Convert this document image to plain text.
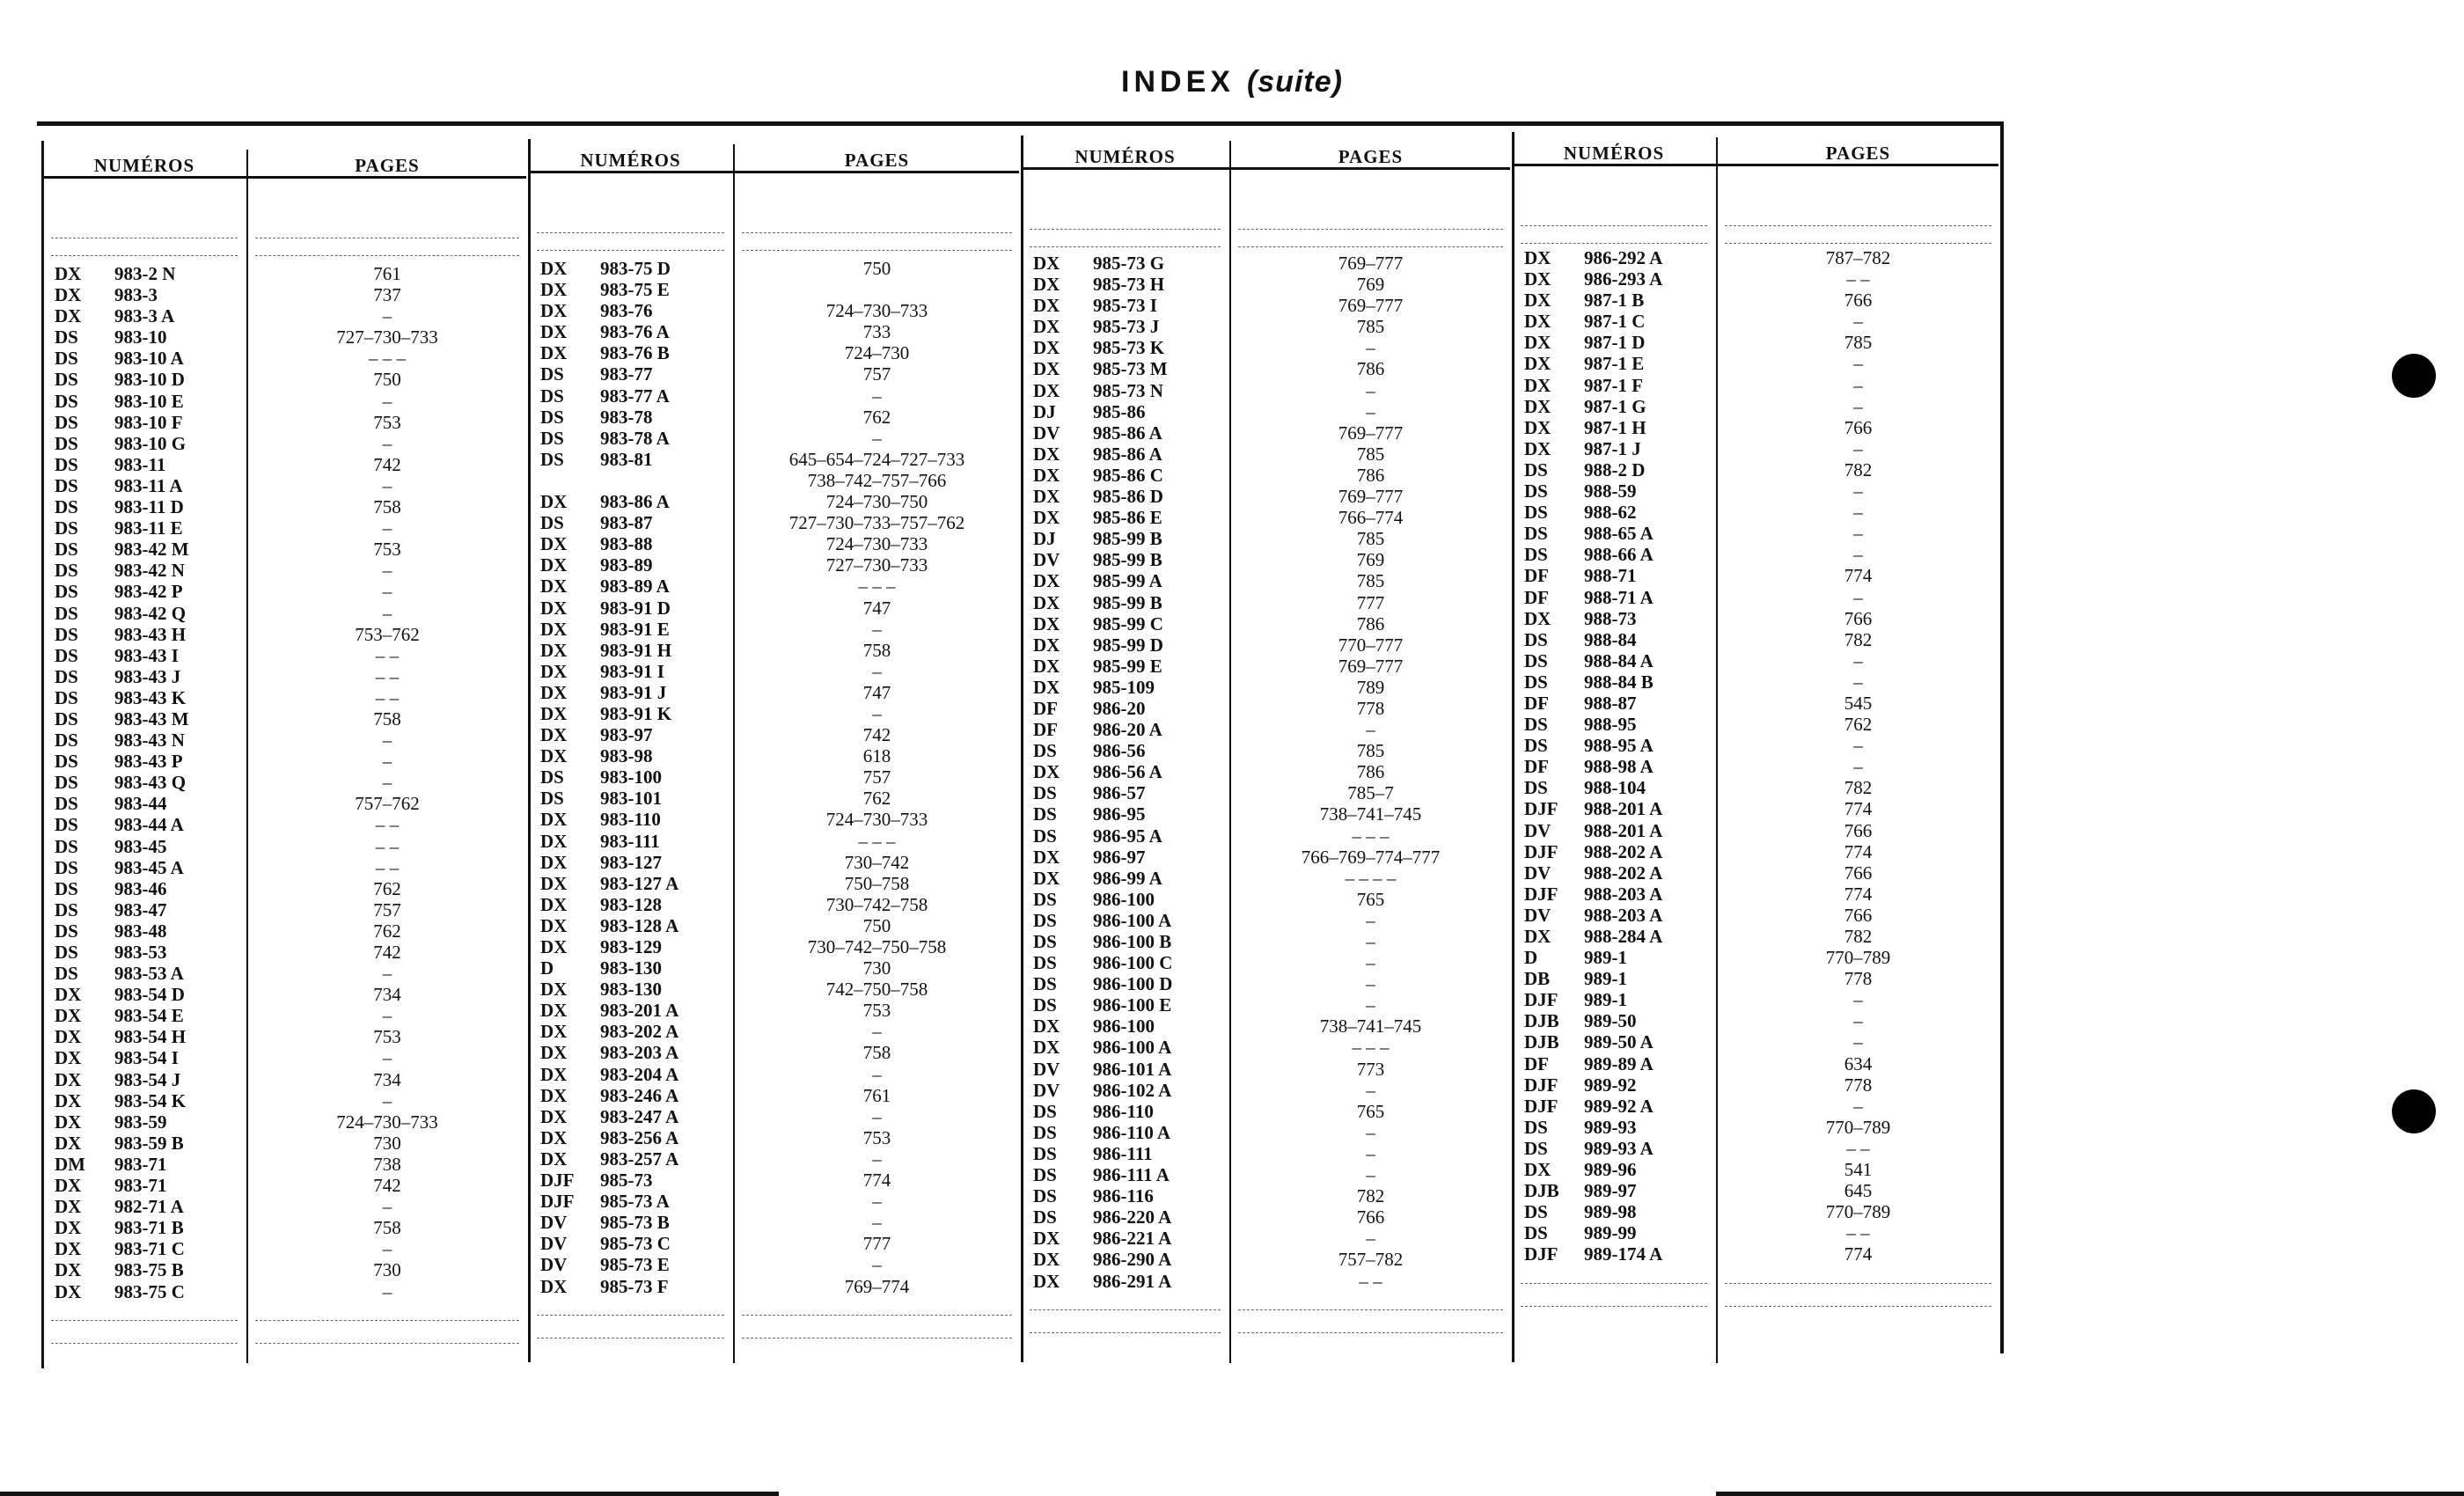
INDEX (suite)
NUMÉROS	PAGES
DX 983-2 N	761
DX 983-3	737
DX 983-3 A	–
DS 983-10	727–730–733
DS 983-10 A	– – –
DS 983-10 D	750
DS 983-10 E	–
DS 983-10 F	753
DS 983-10 G	–
DS 983-11	742
DS 983-11 A	–
DS 983-11 D	758
DS 983-11 E	–
DS 983-42 M	753
DS 983-42 N	–
DS 983-42 P	–
DS 983-42 Q	–
DS 983-43 H	753–762
DS 983-43 I	– –
DS 983-43 J	– –
DS 983-43 K	– –
DS 983-43 M	758
DS 983-43 N	–
DS 983-43 P	–
DS 983-43 Q	–
DS 983-44	757–762
DS 983-44 A	– –
DS 983-45	– –
DS 983-45 A	– –
DS 983-46	762
DS 983-47	757
DS 983-48	762
DS 983-53	742
DS 983-53 A	–
DX 983-54 D	734
DX 983-54 E	–
DX 983-54 H	753
DX 983-54 I	–
DX 983-54 J	734
DX 983-54 K	–
DX 983-59	724–730–733
DX 983-59 B	730
DM 983-71	738
DX 983-71	742
DX 982-71 A	–
DX 983-71 B	758
DX 983-71 C	–
DX 983-75 B	730
DX 983-75 C	–
NUMÉROS	PAGES
DX 983-75 D	750
DX 983-75 E
DX 983-76	724–730–733
DX 983-76 A	733
DX 983-76 B	724–730
DS 983-77	757
DS 983-77 A	–
DS 983-78	762
DS 983-78 A	–
DS 983-81	645–654–724–727–733
738–742–757–766
DX 983-86 A	724–730–750
DS 983-87	727–730–733–757–762
DX 983-88	724–730–733
DX 983-89	727–730–733
DX 983-89 A	– – –
DX 983-91 D	747
DX 983-91 E	–
DX 983-91 H	758
DX 983-91 I	–
DX 983-91 J	747
DX 983-91 K	–
DX 983-97	742
DX 983-98	618
DS 983-100	757
DS 983-101	762
DX 983-110	724–730–733
DX 983-111	– – –
DX 983-127	730–742
DX 983-127 A	750–758
DX 983-128	730–742–758
DX 983-128 A	750
DX 983-129	730–742–750–758
D	983-130	730
DX 983-130	742–750–758
DX 983-201 A	753
DX 983-202 A	–
DX 983-203 A	758
DX 983-204 A	–
DX 983-246 A	761
DX 983-247 A	–
DX 983-256 A	753
DX 983-257 A	–
DJF 985-73	774
DJF 985-73 A	–
DV 985-73 B	–
DV 985-73 C	777
DV 985-73 E	–
DX 985-73 F	769–774
NUMÉROS	PAGES
DX 985-73 G	769–777
DX 985-73 H	769
DX 985-73 I	769–777
DX 985-73 J	785
DX 985-73 K	–
DX 985-73 M	786
DX 985-73 N	–
DJ 985-86	–
DV 985-86 A	769–777
DX 985-86 A	785
DX 985-86 C	786
DX 985-86 D	769–777
DX 985-86 E	766–774
DJ 985-99 B	785
DV 985-99 B	769
DX 985-99 A	785
DX 985-99 B	777
DX 985-99 C	786
DX 985-99 D	770–777
DX 985-99 E	769–777
DX 985-109	789
DF 986-20	778
DF 986-20 A	–
DS 986-56	785
DX 986-56 A	786
DS 986-57	785–7
DS 986-95	738–741–745
DS 986-95 A	– – –
DX 986-97	766–769–774–777
DX 986-99 A	– – – –
DS 986-100	765
DS 986-100 A	–
DS 986-100 B	–
DS 986-100 C	–
DS 986-100 D	–
DS 986-100 E	–
DX 986-100	738–741–745
DX 986-100 A	– – –
DV 986-101 A	773
DV 986-102 A	–
DS 986-110	765
DS 986-110 A	–
DS 986-111	–
DS 986-111 A	–
DS 986-116	782
DS 986-220 A	766
DX 986-221 A	–
DX 986-290 A	757–782
DX 986-291 A	– –
NUMÉROS	PAGES
DX 986-292 A	787–782
DX 986-293 A	– –
DX 987-1 B	766
DX 987-1 C	–
DX 987-1 D	785
DX 987-1 E	–
DX 987-1 F	–
DX 987-1 G	–
DX 987-1 H	766
DX 987-1 J	–
DS 988-2 D	782
DS 988-59	–
DS 988-62	–
DS 988-65 A	–
DS 988-66 A	–
DF 988-71	774
DF 988-71 A	–
DX 988-73	766
DS 988-84	782
DS 988-84 A	–
DS 988-84 B	–
DF 988-87	545
DS 988-95	762
DS 988-95 A	–
DF 988-98 A	–
DS 988-104	782
DJF 988-201 A	774
DV 988-201 A	766
DJF 988-202 A	774
DV 988-202 A	766
DJF 988-203 A	774
DV 988-203 A	766
DX 988-284 A	782
D	989-1	770–789
DB 989-1	778
DJF 989-1	–
DJB 989-50	–
DJB 989-50 A	–
DF 989-89 A	634
DJF 989-92	778
DJF 989-92 A	–
DS 989-93	770–789
DS 989-93 A	– –
DX 989-96	541
DJB 989-97	645
DS 989-98	770–789
DS 989-99	– –
DJF 989-174 A	774
